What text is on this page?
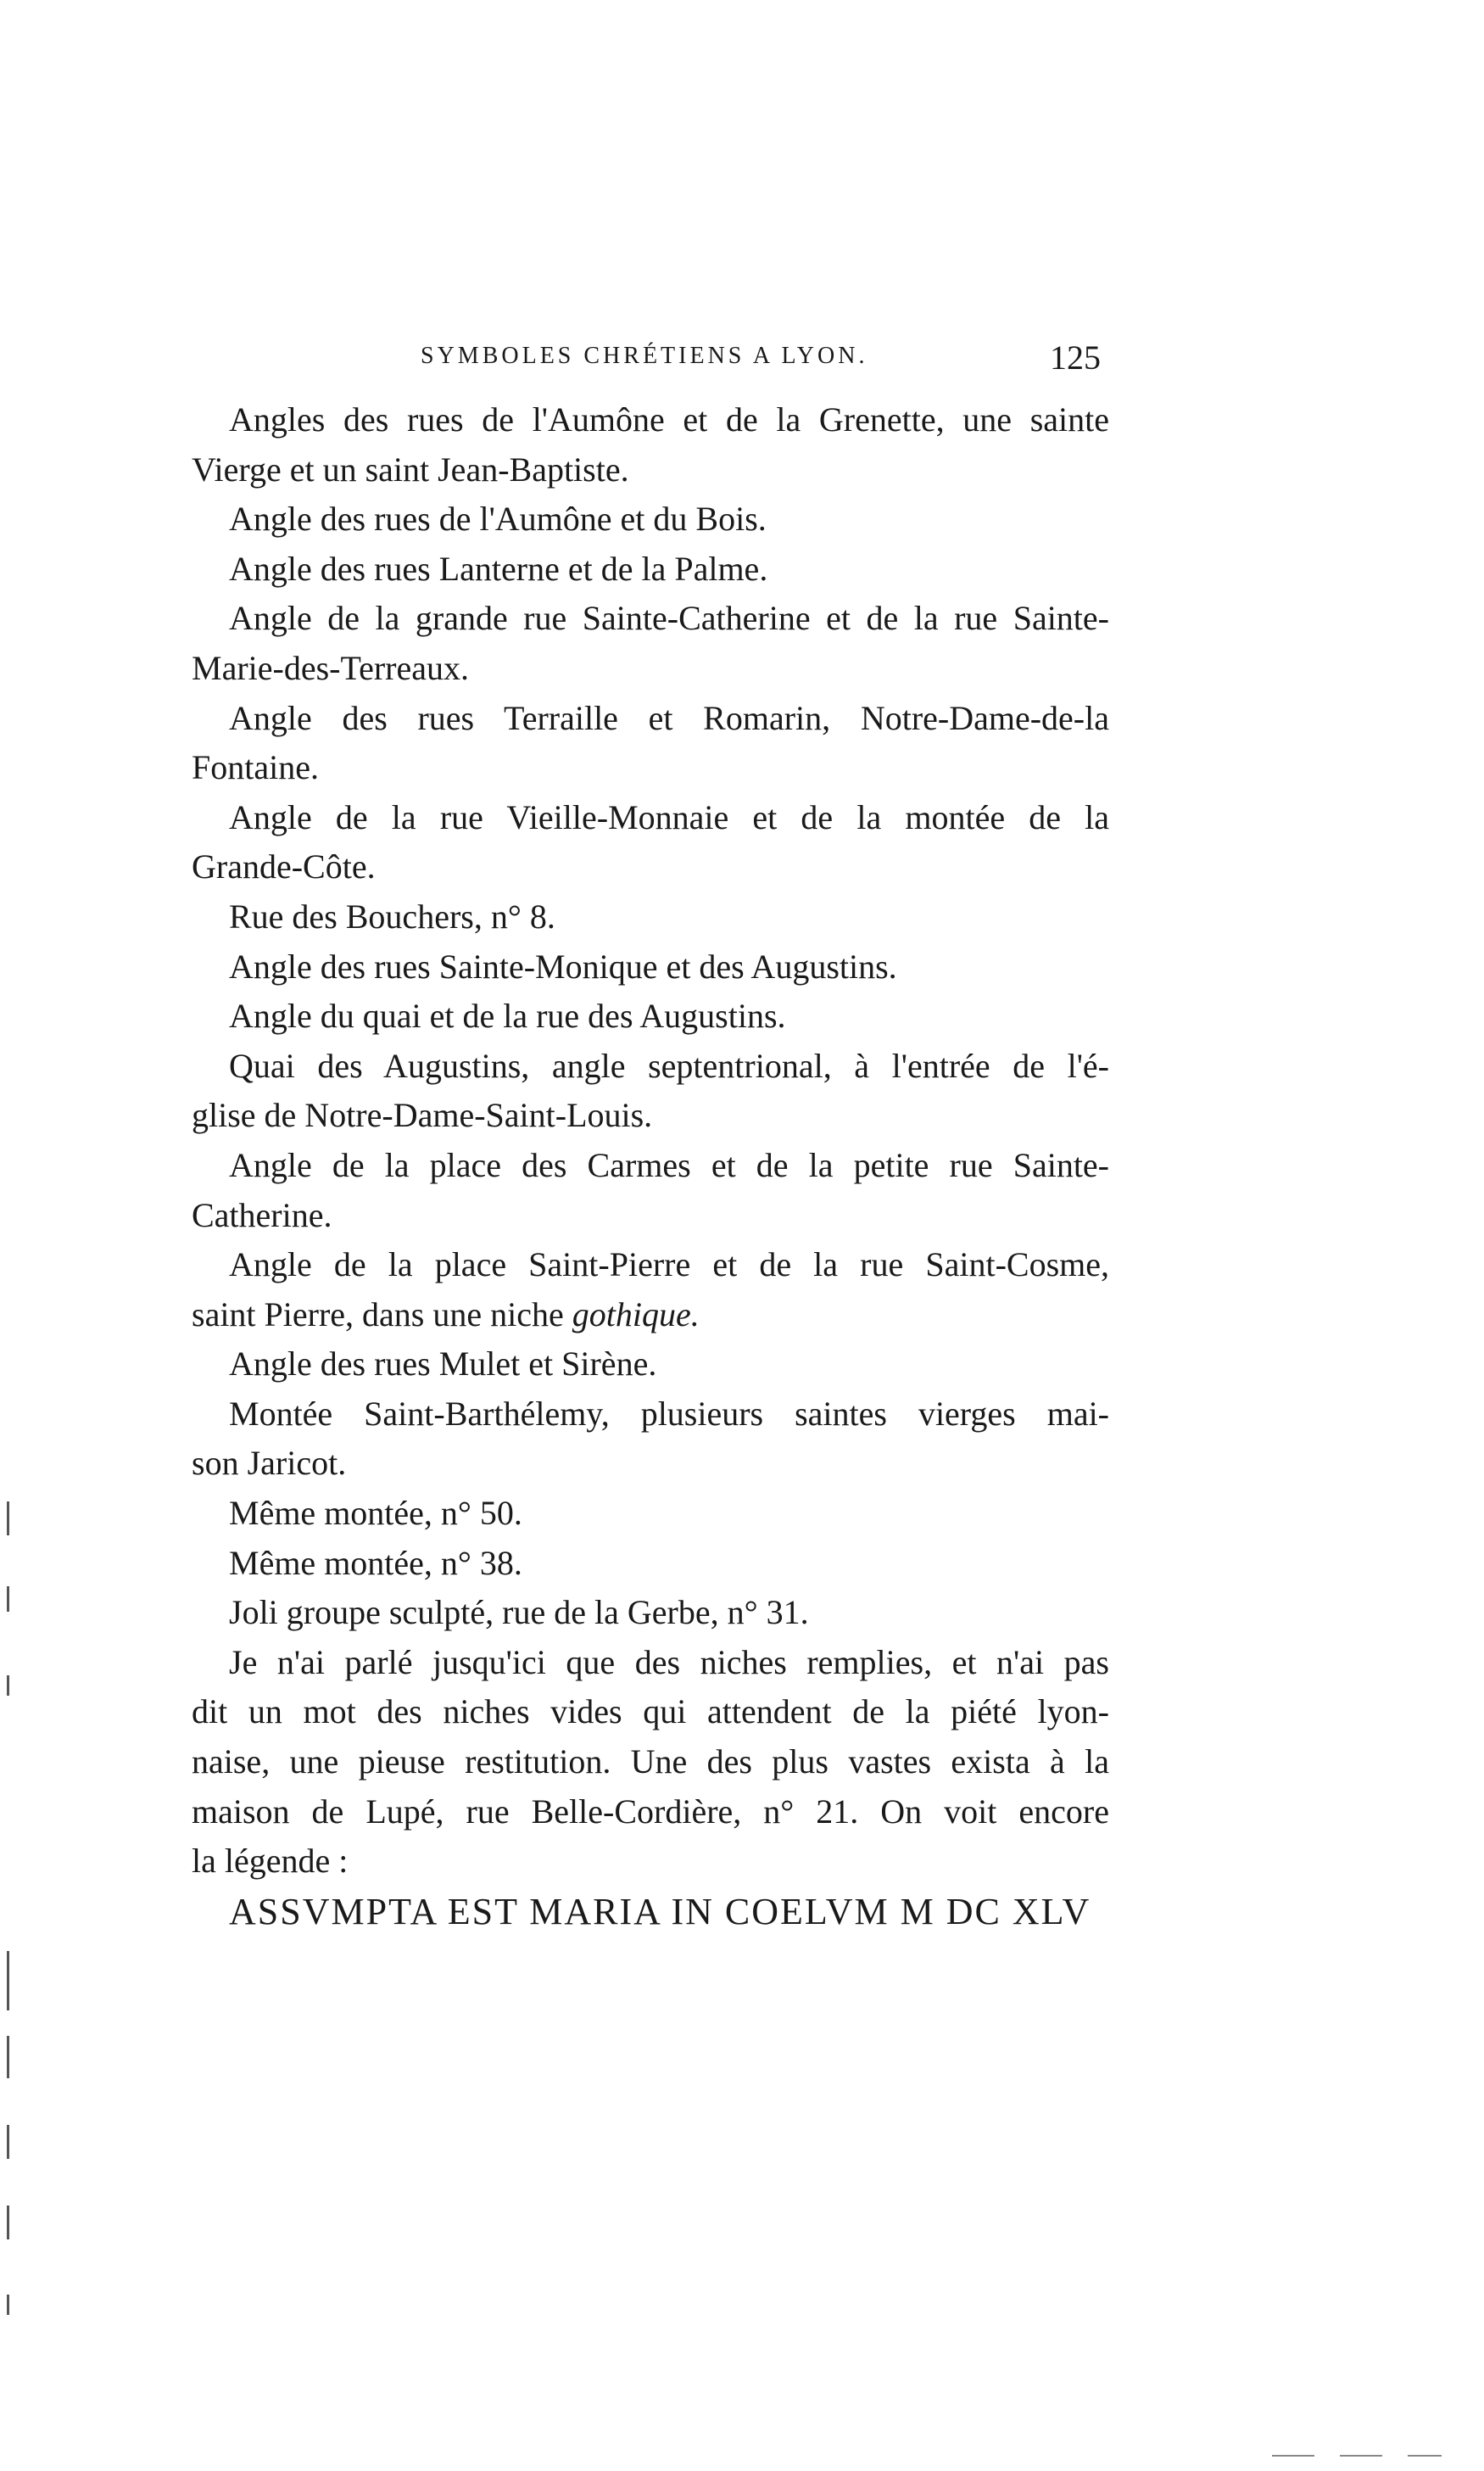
SYMBOLES CHRÉTIENS A LYON.	125
Angles des rues de l'Aumône et de la Grenette, une sainte
Vierge et un saint Jean-Baptiste.
Angle des rues de l'Aumône et du Bois.
Angle des rues Lanterne et de la Palme.
Angle de la grande rue Sainte-Catherine et de la rue Sainte-
Marie-des-Terreaux.
Angle des rues Terraille et Romarin, Notre-Dame-de-la
Fontaine.
Angle de la rue Vieille-Monnaie et de la montée de la
Grande-Côte.
Rue des Bouchers, n° 8.
Angle des rues Sainte-Monique et des Augustins.
Angle du quai et de la rue des Augustins.
Quai des Augustins, angle septentrional, à l'entrée de l'é-
glise de Notre-Dame-Saint-Louis.
Angle de la place des Carmes et de la petite rue Sainte-
Catherine.
Angle de la place Saint-Pierre et de la rue Saint-Cosme,
saint Pierre, dans une niche gothique.
Angle des rues Mulet et Sirène.
Montée Saint-Barthélemy, plusieurs saintes vierges mai-
son Jaricot.
Même montée, n° 50.
Même montée, n° 38.
Joli groupe sculpté, rue de la Gerbe, n° 31.
Je n'ai parlé jusqu'ici que des niches remplies, et n'ai pas
dit un mot des niches vides qui attendent de la piété lyon-
naise, une pieuse restitution. Une des plus vastes exista à la
maison de Lupé, rue Belle-Cordière, n° 21. On voit encore
la légende :
ASSVMPTA EST MARIA IN COELVM M DC XLV
